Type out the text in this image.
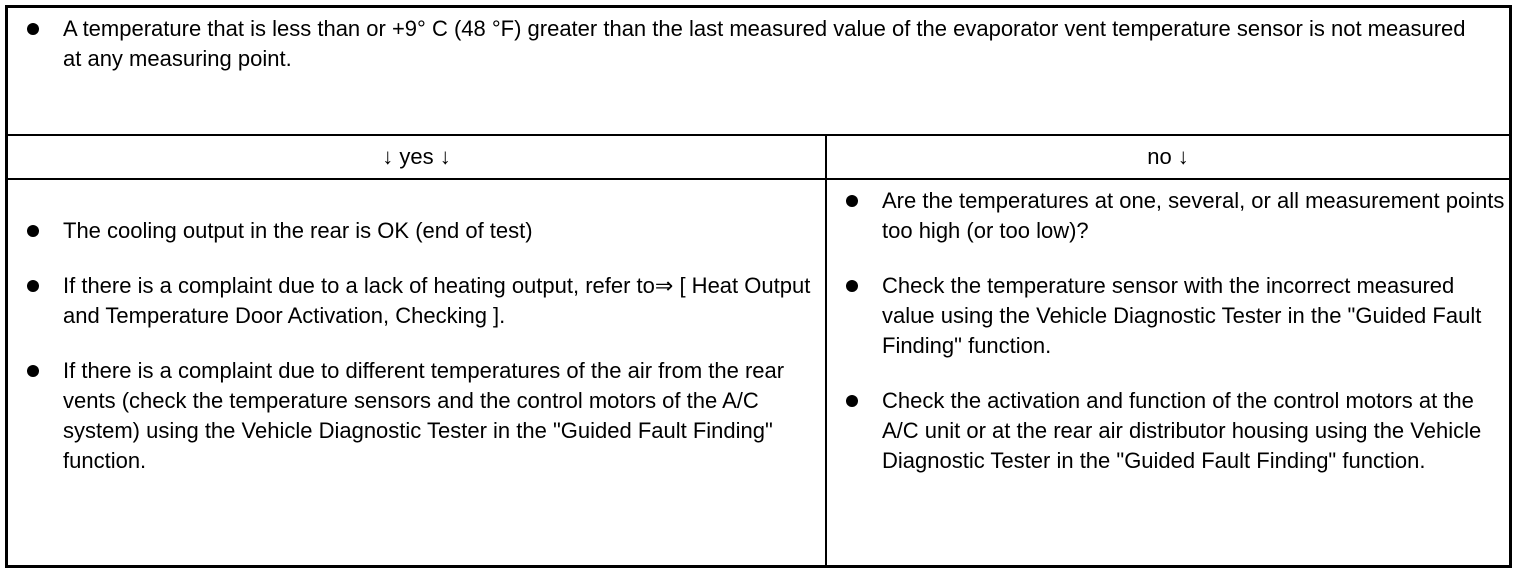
A temperature that is less than or +9° C (48 °F) greater than the last measured value of the evaporator vent temperature sensor is not measured at any measuring point.
↓ yes ↓	no ↓
The cooling output in the rear is OK (end of test)
If there is a complaint due to a lack of heating output, refer to⇒ [ Heat Output and Temperature Door Activation, Checking ].
If there is a complaint due to different temperatures of the air from the rear vents (check the temperature sensors and the control motors of the A/C system) using the Vehicle Diagnostic Tester in the "Guided Fault Finding" function.
Are the temperatures at one, several, or all measurement points too high (or too low)?
Check the temperature sensor with the incorrect measured value using the Vehicle Diagnostic Tester in the "Guided Fault Finding" function.
Check the activation and function of the control motors at the A/C unit or at the rear air distributor housing using the Vehicle Diagnostic Tester in the "Guided Fault Finding" function.
